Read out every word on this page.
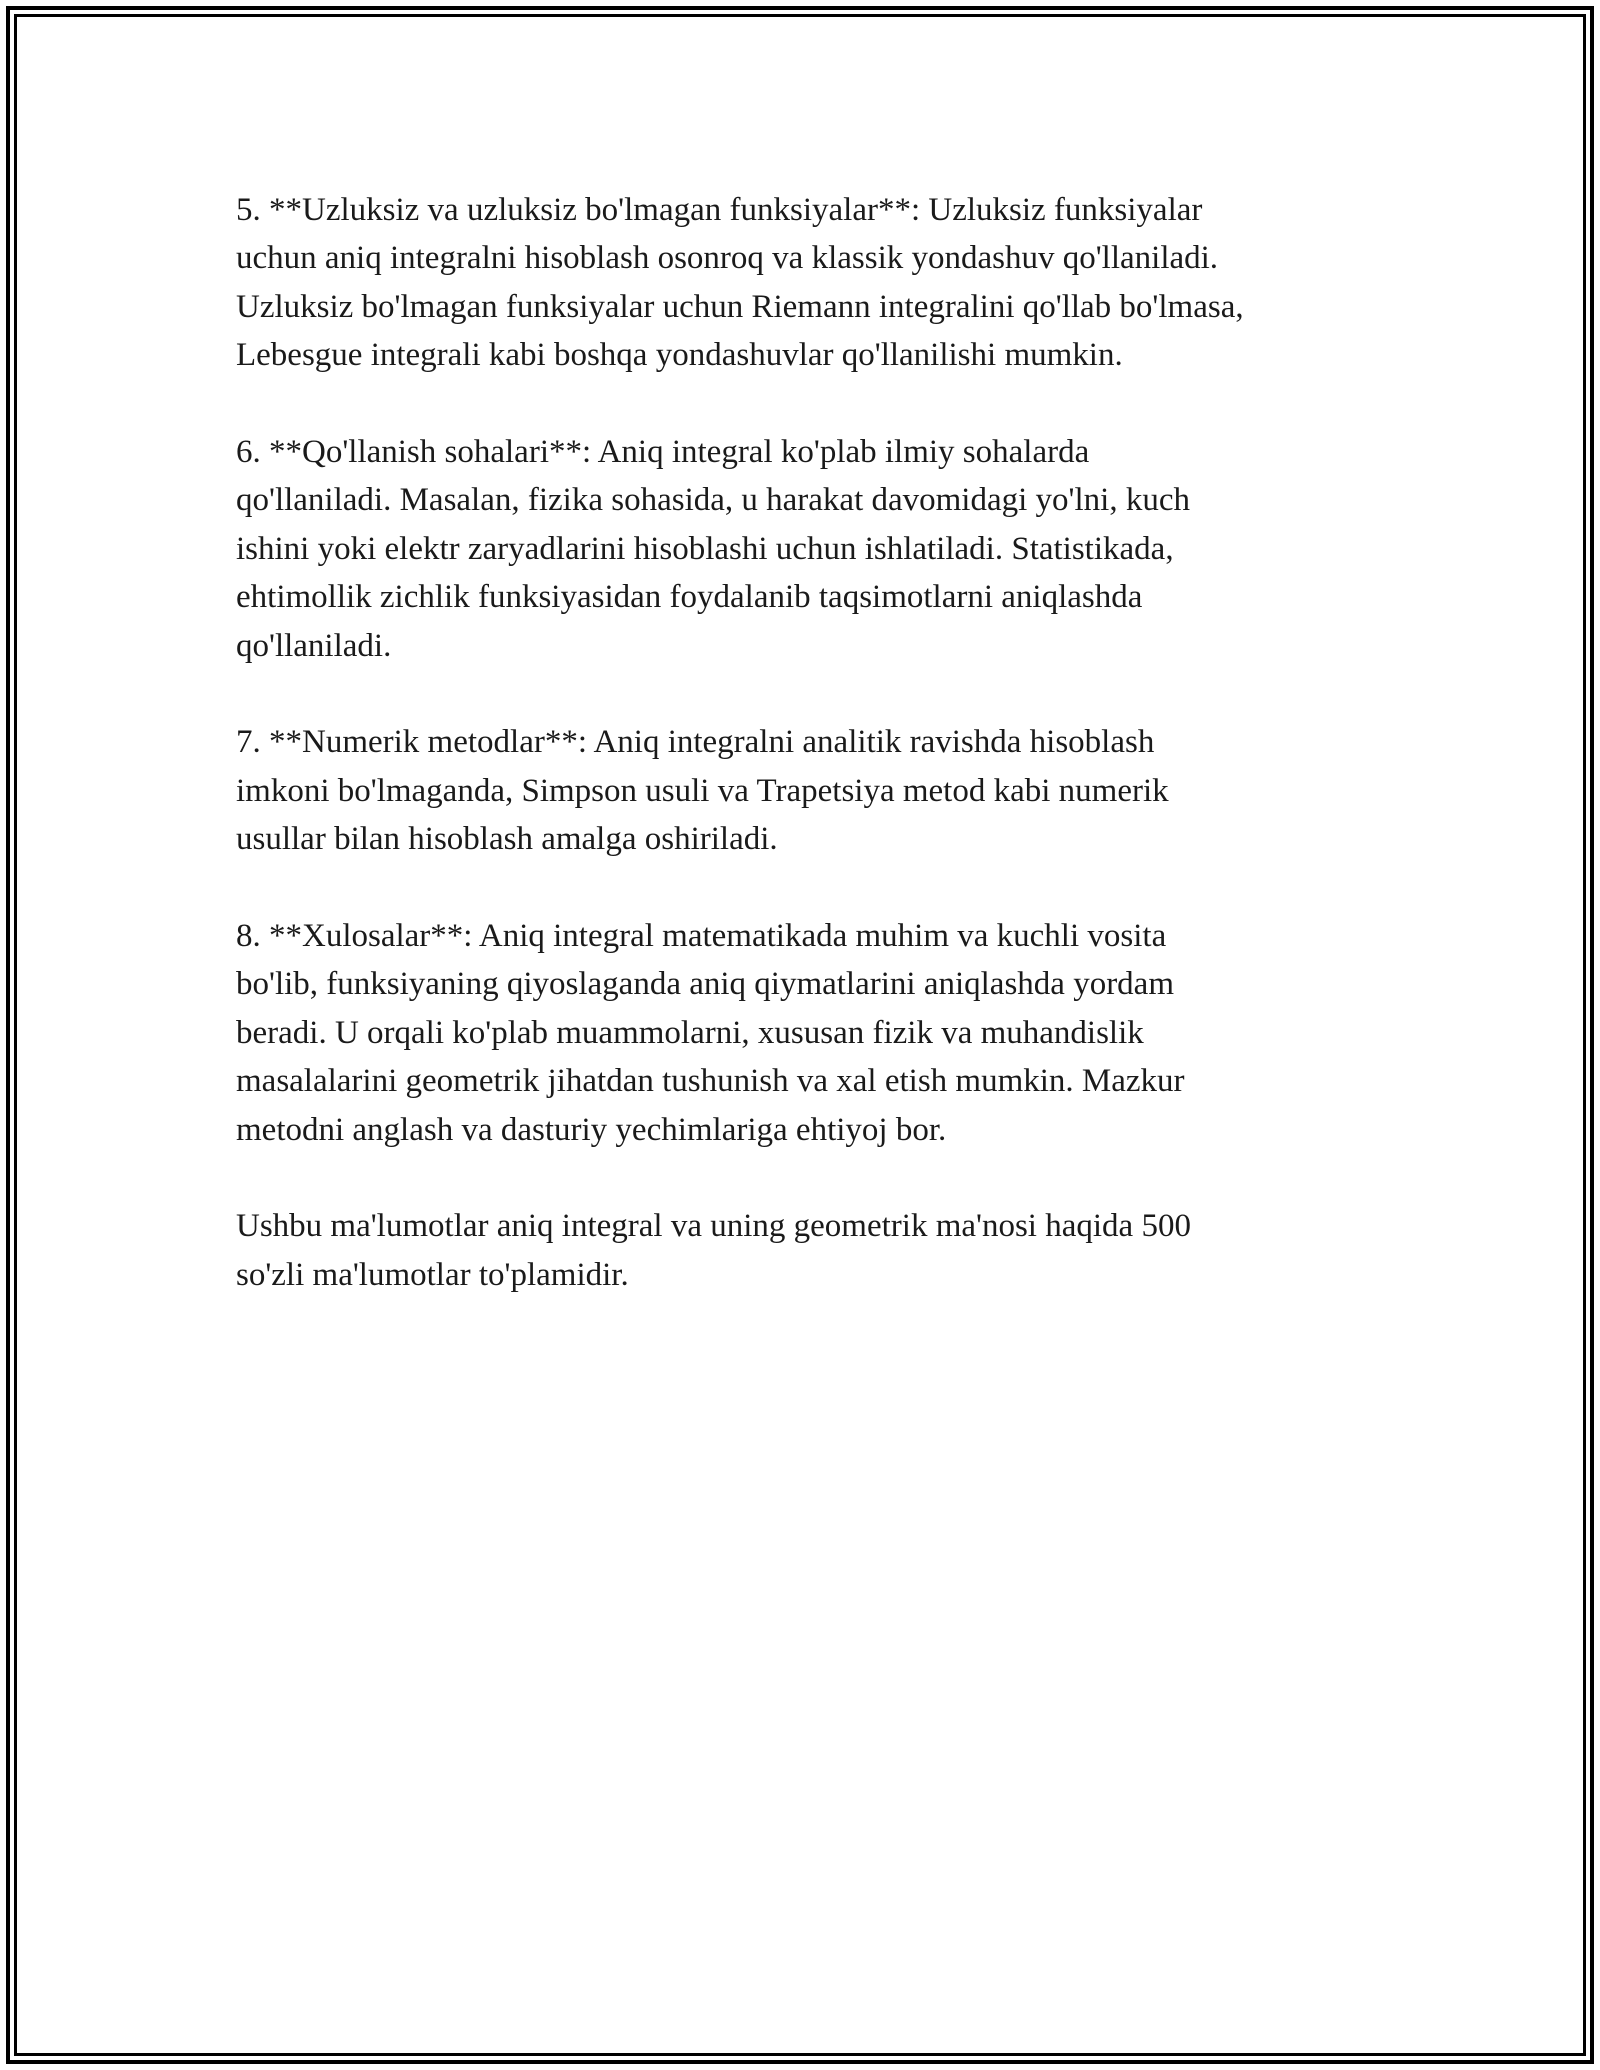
5. **Uzluksiz va uzluksiz bo'lmagan funksiyalar**: Uzluksiz funksiyalar
uchun aniq integralni hisoblash osonroq va klassik yondashuv qo'llaniladi.
Uzluksiz bo'lmagan funksiyalar uchun Riemann integralini qo'llab bo'lmasa,
Lebesgue integrali kabi boshqa yondashuvlar qo'llanilishi mumkin.

6. **Qo'llanish sohalari**: Aniq integral ko'plab ilmiy sohalarda
qo'llaniladi. Masalan, fizika sohasida, u harakat davomidagi yo'lni, kuch
ishini yoki elektr zaryadlarini hisoblashi uchun ishlatiladi. Statistikada,
ehtimollik zichlik funksiyasidan foydalanib taqsimotlarni aniqlashda
qo'llaniladi.

7. **Numerik metodlar**: Aniq integralni analitik ravishda hisoblash
imkoni bo'lmaganda, Simpson usuli va Trapetsiya metod kabi numerik
usullar bilan hisoblash amalga oshiriladi.

8. **Xulosalar**: Aniq integral matematikada muhim va kuchli vosita
bo'lib, funksiyaning qiyoslaganda aniq qiymatlarini aniqlashda yordam
beradi. U orqali ko'plab muammolarni, xususan fizik va muhandislik
masalalarini geometrik jihatdan tushunish va xal etish mumkin. Mazkur
metodni anglash va dasturiy yechimlariga ehtiyoj bor.

Ushbu ma'lumotlar aniq integral va uning geometrik ma'nosi haqida 500
so'zli ma'lumotlar to'plamidir.
